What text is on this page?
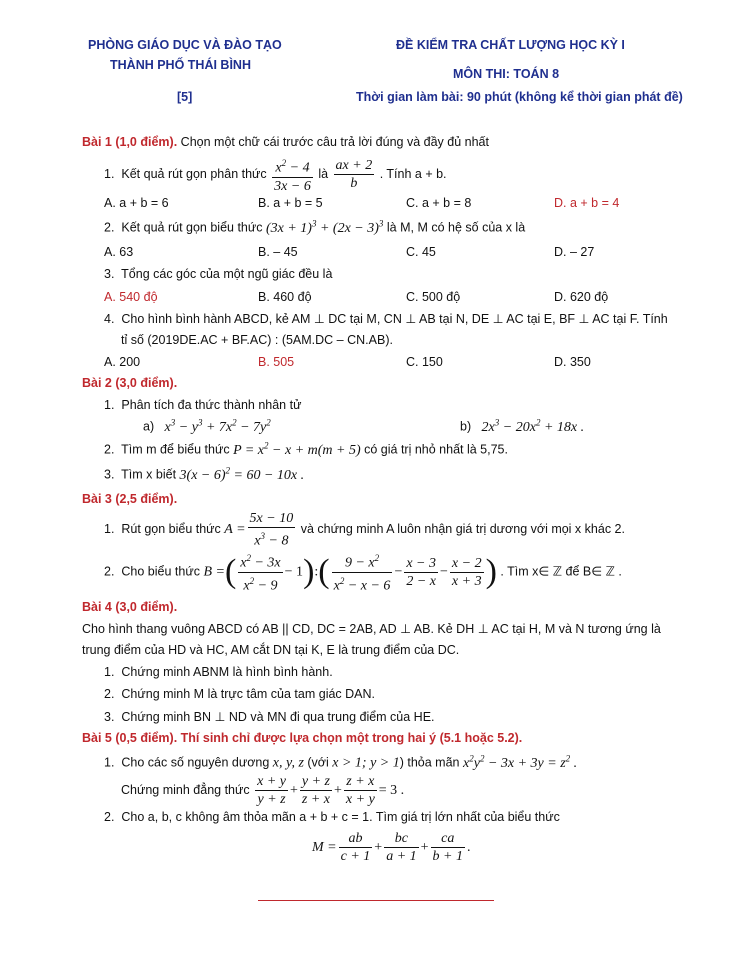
PHÒNG GIÁO DỤC VÀ ĐÀO TẠO
THÀNH PHỐ THÁI BÌNH
[5]
ĐỀ KIỂM TRA CHẤT LƯỢNG HỌC KỲ I
MÔN THI: TOÁN 8
Thời gian làm bài: 90 phút (không kể thời gian phát đề)
Bài 1 (1,0 điểm). Chọn một chữ cái trước câu trả lời đúng và đầy đủ nhất
1. Kết quả rút gọn phân thức $\frac{x^2 - 4}{3x - 6}$ là $\frac{ax + 2}{b}$ . Tính a + b.
A. a + b = 6	B. a + b = 5	C. a + b = 8	D. a + b = 4
2. Kết quả rút gọn biểu thức $(3x + 1)^3 + (2x - 3)^3$ là M, M có hệ số của x là
A. 63	B. – 45	C. 45	D. – 27
3. Tổng các góc của một ngũ giác đều là
A. 540 độ	B. 460 độ	C. 500 độ	D. 620 độ
4. Cho hình bình hành ABCD, kẻ AM ⊥ DC tại M, CN ⊥ AB tại N, DE ⊥ AC tại E, BF ⊥ AC tại F. Tính
tỉ số (2019DE.AC + BF.AC) : (5AM.DC – CN.AB).
A. 200	B. 505	C. 150	D. 350
Bài 2 (3,0 điểm).
1. Phân tích đa thức thành nhân tử
a) $x^3 - y^3 + 7x^2 - 7y^2$	b) $2x^3 - 20x^2 + 18x$ .
2. Tìm m để biểu thức $P = x^2 - x + m(m + 5)$ có giá trị nhỏ nhất là 5,75.
3. Tìm x biết $3(x - 6)^2 = 60 - 10x$ .
Bài 3 (2,5 điểm).
1. Rút gọn biểu thức $A = \frac{5x - 10}{x^3 - 8}$ và chứng minh A luôn nhận giá trị dương với mọi x khác 2.
2. Cho biểu thức B =( $\frac{x^2 - 3x}{x^2 - 9}$ − 1):( $\frac{9 - x^2}{x^2 - x - 6} - \frac{x - 3}{2 - x} - \frac{x - 2}{x + 3}$ ) . Tìm x∈ ℤ để B∈ ℤ .
Bài 4 (3,0 điểm).
Cho hình thang vuông ABCD có AB || CD, DC = 2AB, AD ⊥ AB. Kẻ DH ⊥ AC tại H, M và N tương ứng là
trung điểm của HD và HC, AM cắt DN tại K, E là trung điểm của DC.
1. Chứng minh ABNM là hình bình hành.
2. Chứng minh M là trực tâm của tam giác DAN.
3. Chứng minh BN ⊥ ND và MN đi qua trung điểm của HE.
Bài 5 (0,5 điểm). Thí sinh chỉ được lựa chọn một trong hai ý (5.1 hoặc 5.2).
1. Cho các số nguyên dương x, y, z (với x > 1; y > 1) thỏa mãn $x^2y^2 - 3x + 3y = z^2$ .
Chứng minh đẳng thức $\frac{x + y}{y + z} + \frac{y + z}{z + x} + \frac{z + x}{x + y} = 3$ .
2. Cho a, b, c không âm thỏa mãn a + b + c = 1. Tìm giá trị lớn nhất của biểu thức
$M = \frac{ab}{c + 1} + \frac{bc}{a + 1} + \frac{ca}{b + 1}$ .
